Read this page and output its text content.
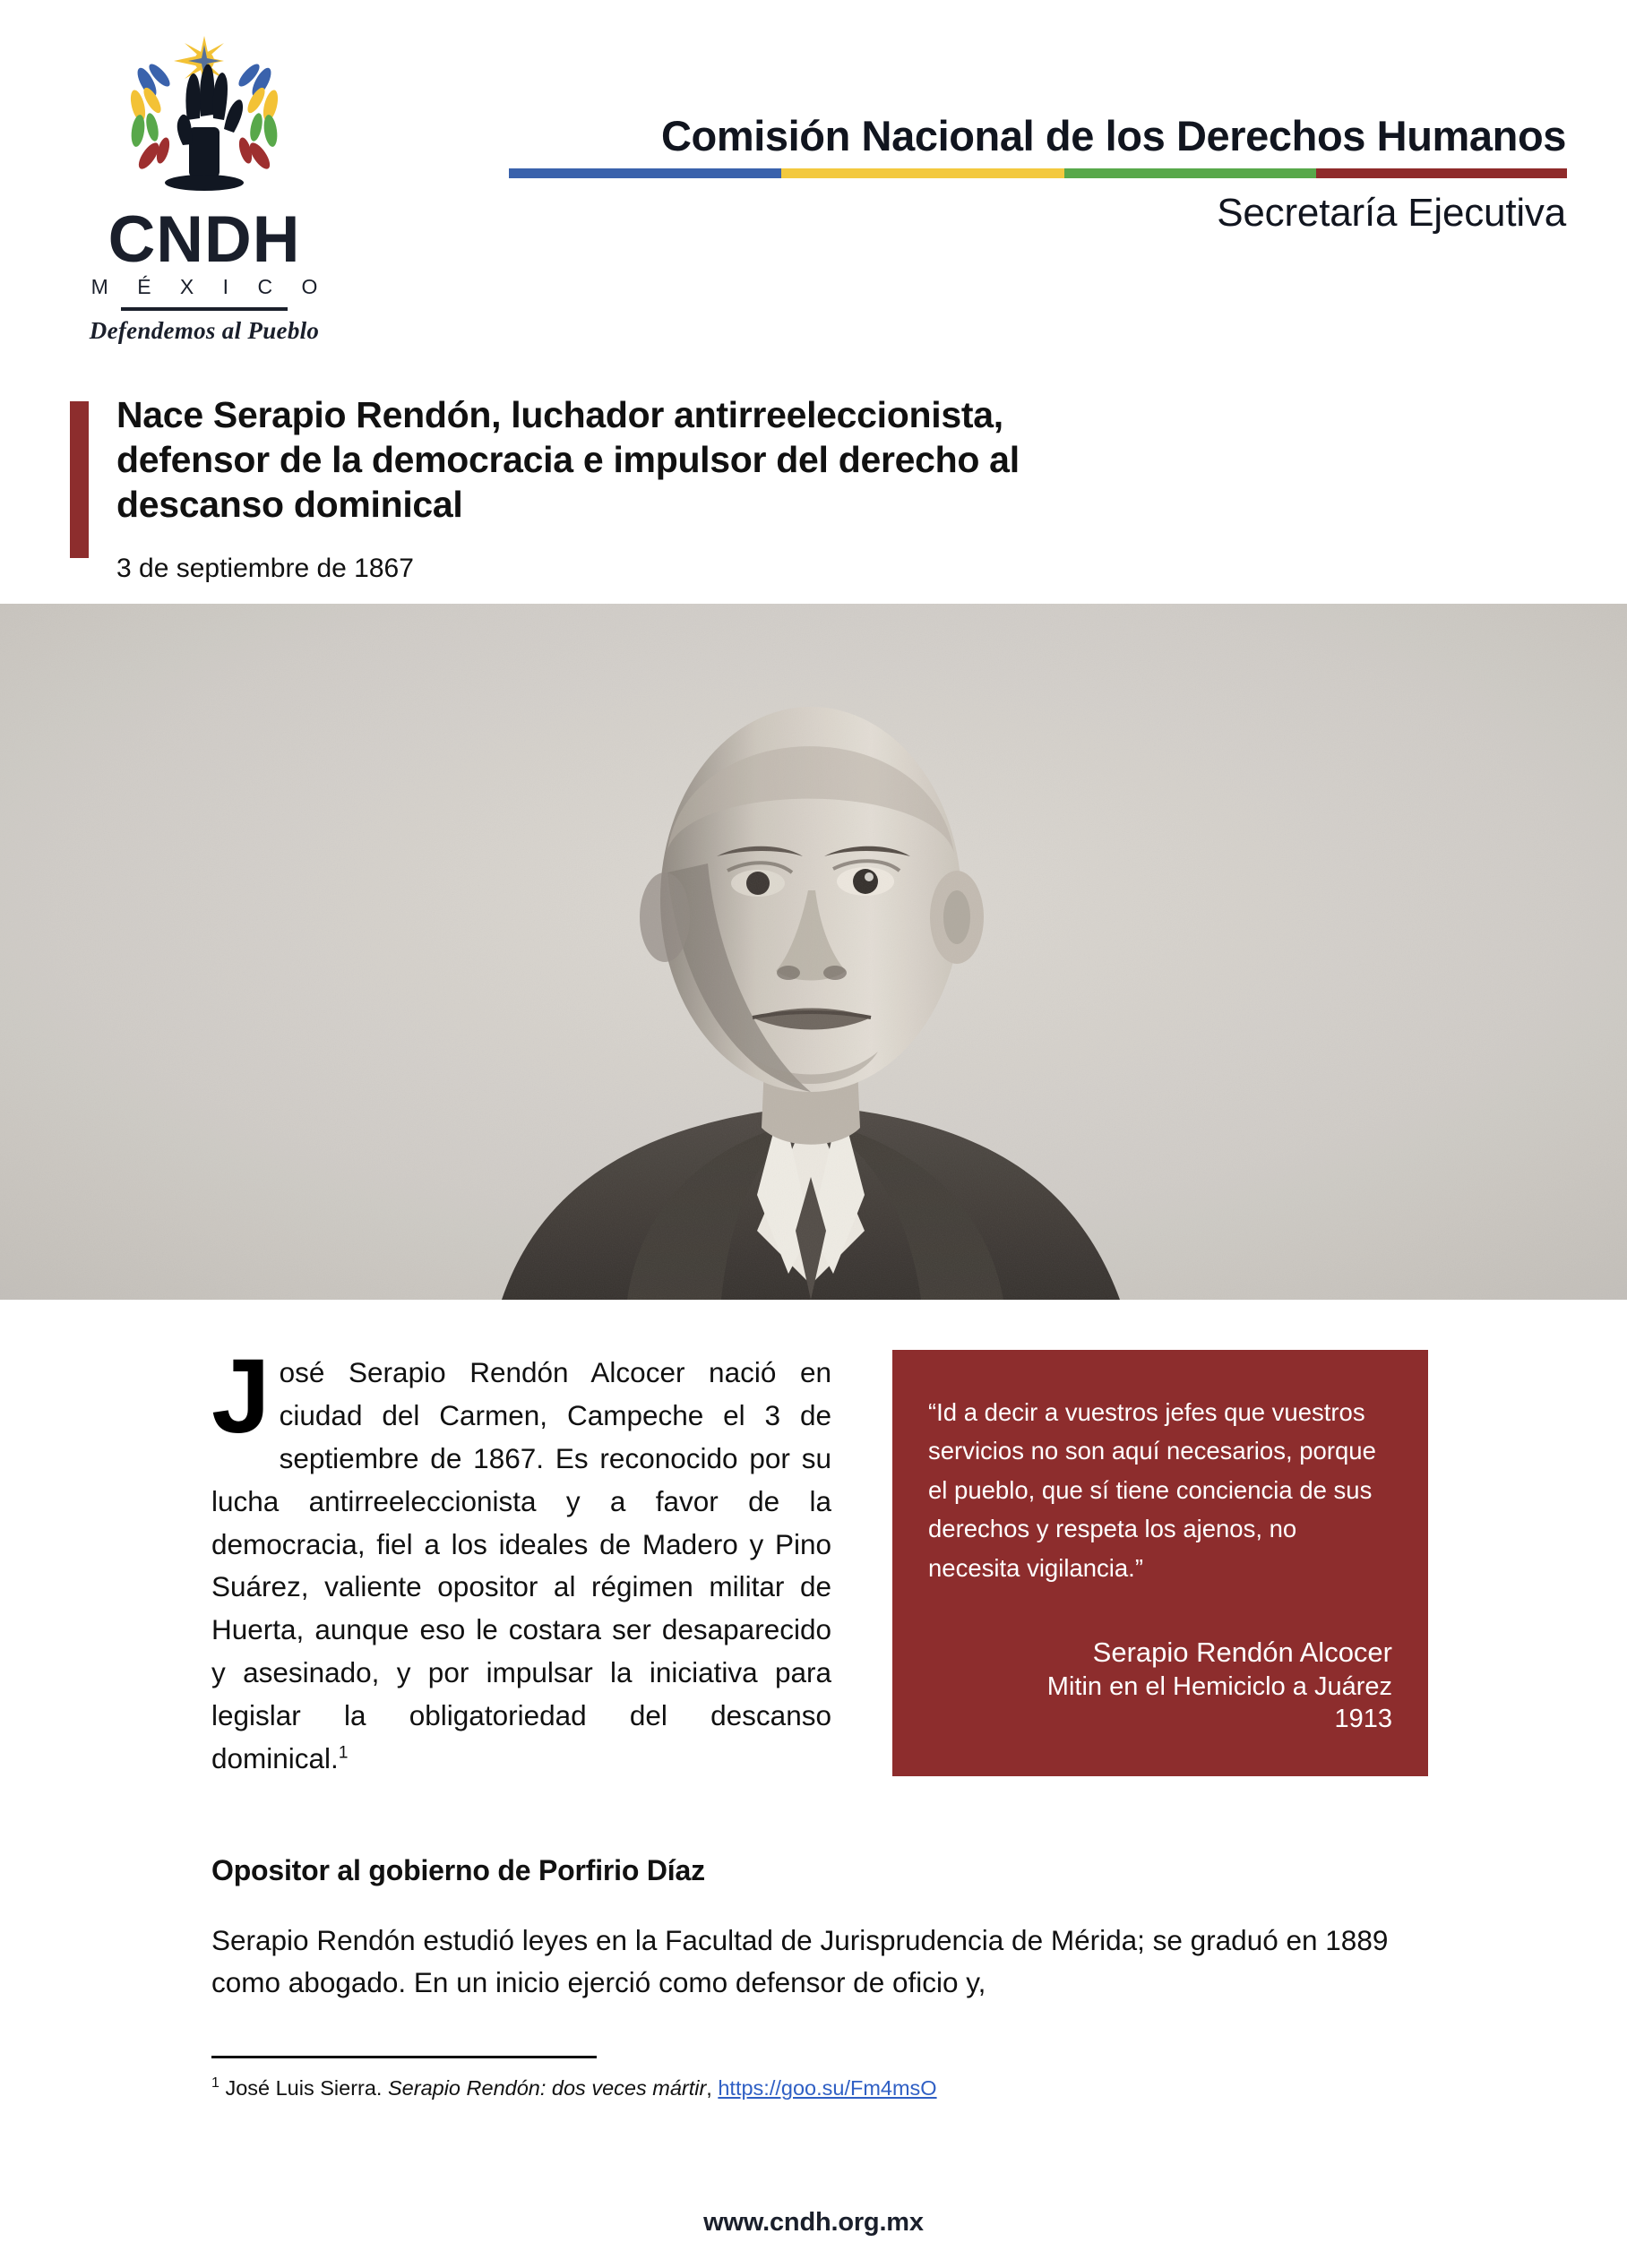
CNDH
M É X I C O
Defendemos al Pueblo
Comisión Nacional de los Derechos Humanos
Secretaría Ejecutiva
Nace Serapio Rendón, luchador antirreeleccionista, defensor de la democracia e impulsor del derecho al descanso dominical
3 de septiembre de 1867

José Serapio Rendón Alcocer nació en ciudad del Carmen, Campeche el 3 de septiembre de 1867. Es reconocido por su lucha antirreeleccionista y a favor de la democracia, fiel a los ideales de Madero y Pino Suárez, valiente opositor al régimen militar de Huerta, aunque eso le costara ser desaparecido y asesinado, y por impulsar la iniciativa para legislar la obligatoriedad del descanso dominical.$^1$

“Id a decir a vuestros jefes que vuestros servicios no son aquí necesarios, porque el pueblo, que sí tiene conciencia de sus derechos y respeta los ajenos, no necesita vigilancia.”
Serapio Rendón Alcocer
Mitin en el Hemiciclo a Juárez
1913
Opositor al gobierno de Porfirio Díaz
Serapio Rendón estudió leyes en la Facultad de Jurisprudencia de Mérida; se graduó en 1889 como abogado. En un inicio ejerció como defensor de oficio y,
$^1$ José Luis Sierra. Serapio Rendón: dos veces mártir, https://goo.su/Fm4msO
www.cndh.org.mx
